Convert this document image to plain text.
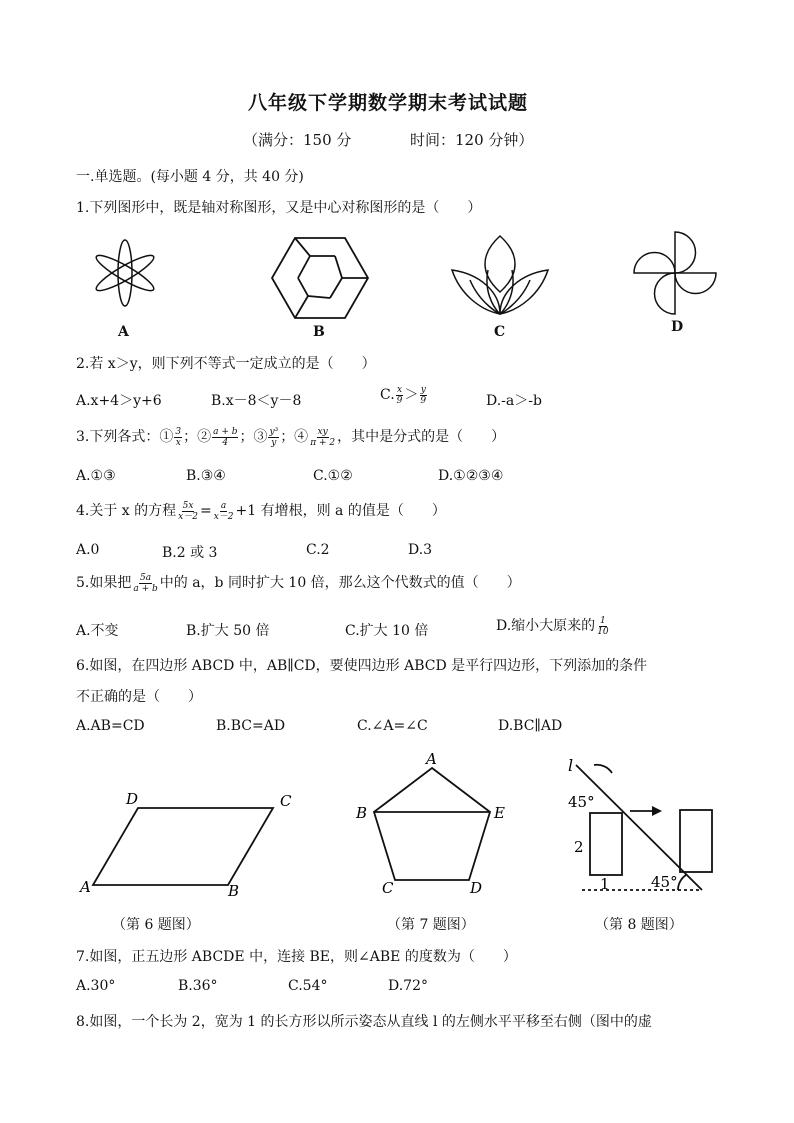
八年级下学期数学期末考试试题
（满分：150 分	时间：120 分钟）
一.单选题。(每小题 4 分，共 40 分)
1.下列图形中，既是轴对称图形，又是中心对称图形的是（　　）
A	B	C	D
2.若 x＞y，则下列不等式一定成立的是（　　）
A.x+4＞y+6	B.x－8＜y－8	C. $\frac{x}{9} > \frac{y}{9}$	D.-a＞-b
3.下列各式：① $\frac{3}{x}$ ；② $\frac{a + b}{4}$ ；③ $\frac{\text{y³}}{y}$ ；④ $\frac{xy}{\pi + 2}$ ，其中是分式的是（　　）
A.①③	B.③④	C.①②	D.①②③④
4.关于 x 的方程 $\frac{5x}{x-2} = \frac{a}{x-2} +1$ 有增根，则 a 的值是（　　）
A.0	B.2 或 3	C.2	D.3
5.如果把 $\frac{5a}{a + b}$ 中的 a，b 同时扩大 10 倍，那么这个代数式的值（　　）
A.不变	B.扩大 50 倍	C.扩大 10 倍	D.缩小大原来的 $\frac{1}{10}$
6.如图，在四边形 ABCD 中，AB∥CD，要使四边形 ABCD 是平行四边形，下列添加的条件
不正确的是（　　）
A.AB=CD	B.BC=AD	C.∠A=∠C	D.BC∥AD
D	C
A	B
（第 6 题图）
A
B	E
C	D
（第 7 题图）
l
45°
2
1	45°
（第 8 题图）
7.如图，正五边形 ABCDE 中，连接 BE，则∠ABE 的度数为（　　）
A.30°	B.36°	C.54°	D.72°
8.如图，一个长为 2，宽为 1 的长方形以所示姿态从直线 l 的左侧水平平移至右侧（图中的虚
